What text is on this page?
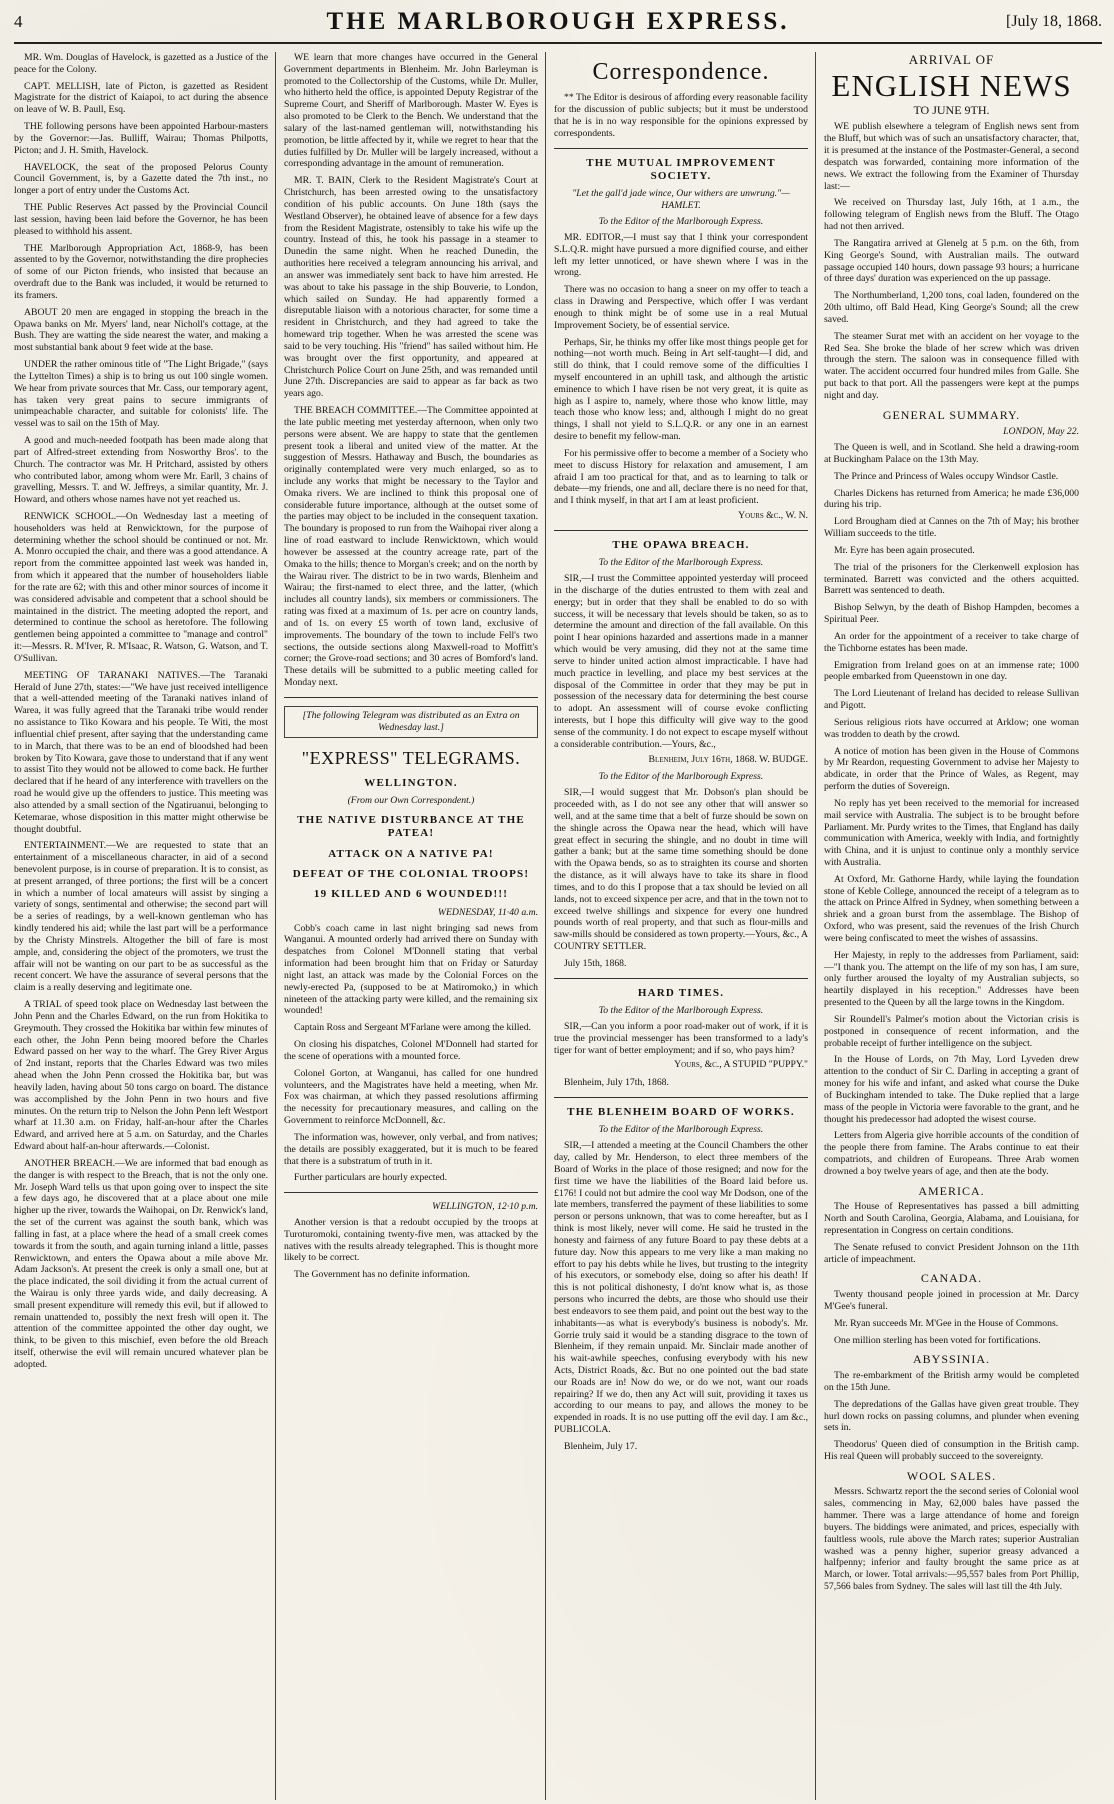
4	THE MARLBOROUGH EXPRESS.	[July 18, 1868.

MR. Wm. Douglas of Havelock, is gazetted as a Justice of the peace for the Colony.

CAPT. MELLISH, late of Picton, is gazetted as Resident Magistrate for the district of Kaiapoi, to act during the absence on leave of W. B. Paull, Esq.

THE following persons have been appointed Harbour-masters by the Governor:—Jas. Bulliff, Wairau; Thomas Philpotts, Picton; and J. H. Smith, Havelock.

HAVELOCK, the seat of the proposed Pelorus County Council Government, is, by a Gazette dated the 7th inst., no longer a port of entry under the Customs Act.

THE Public Reserves Act passed by the Provincial Council last session, having been laid before the Governor, he has been pleased to withhold his assent.

THE Marlborough Appropriation Act, 1868-9, has been assented to by the Governor, notwithstanding the dire prophecies of some of our Picton friends, who insisted that because an overdraft due to the Bank was included, it would be returned to its framers.

ABOUT 20 men are engaged in stopping the breach in the Opawa banks on Mr. Myers' land, near Nicholl's cottage, at the Bush. They are watting the side nearest the water, and making a most substantial bank about 9 feet wide at the base.

UNDER the rather ominous title of "The Light Brigade," (says the Lyttelton Times) a ship is to bring us out 100 single women. We hear from private sources that Mr. Cass, our temporary agent, has taken very great pains to secure immigrants of unimpeachable character, and suitable for colonists' life. The vessel was to sail on the 15th of May.

A good and much-needed footpath has been made along that part of Alfred-street extending from Nosworthy Bros'. to the Church. The contractor was Mr. H Pritchard, assisted by others who contributed labor, among whom were Mr. Earll, 3 chains of gravelling, Messrs. T. and W. Jeffreys, a similar quantity, Mr. J. Howard, and others whose names have not yet reached us.

RENWICK SCHOOL.—On Wednesday last a meeting of householders was held at Renwicktown, for the purpose of determining whether the school should be continued or not. Mr. A. Monro occupied the chair, and there was a good attendance. A report from the committee appointed last week was handed in, from which it appeared that the number of householders liable for the rate are 62; with this and other minor sources of income it was considered advisable and competent that a school should be maintained in the district. The meeting adopted the report, and determined to continue the school as heretofore. The following gentlemen being appointed a committee to "manage and control" it:—Messrs. R. M'Iver, R. M'Isaac, R. Watson, G. Watson, and T. O'Sullivan.

MEETING OF TARANAKI NATIVES.—The Taranaki Herald of June 27th, states:—"We have just received intelligence that a well-attended meeting of the Taranaki natives inland of Warea, it was fully agreed that the Taranaki tribe would render no assistance to Tiko Kowara and his people. Te Witi, the most influential chief present, after saying that the understanding came to in March, that there was to be an end of bloodshed had been broken by Tito Kowara, gave those to understand that if any went to assist Tito they would not be allowed to come back. He further declared that if he heard of any interference with travellers on the road he would give up the offenders to justice. This meeting was also attended by a small section of the Ngatiruanui, belonging to Ketemarae, whose disposition in this matter might otherwise be thought doubtful.

ENTERTAINMENT.—We are requested to state that an entertainment of a miscellaneous character, in aid of a second benevolent purpose, is in course of preparation. It is to consist, as at present arranged, of three portions; the first will be a concert in which a number of local amateurs will assist by singing a variety of songs, sentimental and otherwise; the second part will be a series of readings, by a well-known gentleman who has kindly tendered his aid; while the last part will be a performance by the Christy Minstrels. Altogether the bill of fare is most ample, and, considering the object of the promoters, we trust the affair will not be wanting on our part to be as successful as the recent concert. We have the assurance of several persons that the claim is a really deserving and legitimate one.

A TRIAL of speed took place on Wednesday last between the John Penn and the Charles Edward, on the run from Hokitika to Greymouth. They crossed the Hokitika bar within few minutes of each other, the John Penn being moored before the Charles Edward passed on her way to the wharf. The Grey River Argus of 2nd instant, reports that the Charles Edward was two miles ahead when the John Penn crossed the Hokitika bar, but was heavily laden, having about 50 tons cargo on board. The distance was accomplished by the John Penn in two hours and five minutes. On the return trip to Nelson the John Penn left Westport wharf at 11.30 a.m. on Friday, half-an-hour after the Charles Edward, and arrived here at 5 a.m. on Saturday, and the Charles Edward about half-an-hour afterwards.—Colonist.

ANOTHER BREACH.—We are informed that bad enough as the danger is with respect to the Breach, that is not the only one. Mr. Joseph Ward tells us that upon going over to inspect the site a few days ago, he discovered that at a place about one mile higher up the river, towards the Waihopai, on Dr. Renwick's land, the set of the current was against the south bank, which was falling in fast, at a place where the head of a small creek comes towards it from the south, and again turning inland a little, passes Renwicktown, and enters the Opawa about a mile above Mr. Adam Jackson's. At present the creek is only a small one, but at the place indicated, the soil dividing it from the actual current of the Wairau is only three yards wide, and daily decreasing. A small present expenditure will remedy this evil, but if allowed to remain unattended to, possibly the next fresh will open it. The attention of the committee appointed the other day ought, we think, to be given to this mischief, even before the old Breach itself, otherwise the evil will remain uncured whatever plan be adopted.

WE learn that more changes have occurred in the General Government departments in Blenheim. Mr. John Barleyman is promoted to the Collectorship of the Customs, while Dr. Muller, who hitherto held the office, is appointed Deputy Registrar of the Supreme Court, and Sheriff of Marlborough. Master W. Eyes is also promoted to be Clerk to the Bench. We understand that the salary of the last-named gentleman will, notwithstanding his promotion, be little affected by it, while we regret to hear that the duties fulfilled by Dr. Muller will be largely increased, without a corresponding advantage in the amount of remuneration.

MR. T. BAIN, Clerk to the Resident Magistrate's Court at Christchurch, has been arrested owing to the unsatisfactory condition of his public accounts. On June 18th (says the Westland Observer), he obtained leave of absence for a few days from the Resident Magistrate, ostensibly to take his wife up the country. Instead of this, he took his passage in a steamer to Dunedin the same night. When he reached Dunedin, the authorities here received a telegram announcing his arrival, and an answer was immediately sent back to have him arrested. He was about to take his passage in the ship Bouverie, to London, which sailed on Sunday. He had apparently formed a disreputable liaison with a notorious character, for some time a resident in Christchurch, and they had agreed to take the homeward trip together. When he was arrested the scene was said to be very touching. His "friend" has sailed without him. He was brought over the first opportunity, and appeared at Christchurch Police Court on June 25th, and was remanded until June 27th. Discrepancies are said to appear as far back as two years ago.

THE BREACH COMMITTEE.—The Committee appointed at the late public meeting met yesterday afternoon, when only two persons were absent. We are happy to state that the gentlemen present took a liberal and united view of the matter. At the suggestion of Messrs. Hathaway and Busch, the boundaries as originally contemplated were very much enlarged, so as to include any works that might be necessary to the Taylor and Omaka rivers. We are inclined to think this proposal one of considerable future importance, although at the outset some of the parties may object to be included in the consequent taxation. The boundary is proposed to run from the Waihopai river along a line of road eastward to include Renwicktown, which would however be assessed at the country acreage rate, part of the Omaka to the hills; thence to Morgan's creek; and on the north by the Wairau river. The district to be in two wards, Blenheim and Wairau; the first-named to elect three, and the latter, (which includes all country lands), six members or commissioners. The rating was fixed at a maximum of 1s. per acre on country lands, and of 1s. on every £5 worth of town land, exclusive of improvements. The boundary of the town to include Fell's two sections, the outside sections along Maxwell-road to Moffitt's corner; the Grove-road sections; and 30 acres of Bomford's land. These details will be submitted to a public meeting called for Monday next.

[The following Telegram was distributed as an Extra on Wednesday last.]
"EXPRESS" TELEGRAMS.
WELLINGTON.
(From our Own Correspondent.)
THE NATIVE DISTURBANCE AT THE PATEA!
ATTACK ON A NATIVE PA!
DEFEAT OF THE COLONIAL TROOPS!
19 KILLED AND 6 WOUNDED!!!
WEDNESDAY, 11·40 a.m.

Cobb's coach came in last night bringing sad news from Wanganui. A mounted orderly had arrived there on Sunday with despatches from Colonel M'Donnell stating that verbal information had been brought him that on Friday or Saturday night last, an attack was made by the Colonial Forces on the newly-erected Pa, (supposed to be at Matiromoko,) in which nineteen of the attacking party were killed, and the remaining six wounded!

Captain Ross and Sergeant M'Farlane were among the killed.

On closing his dispatches, Colonel M'Donnell had started for the scene of operations with a mounted force.

Colonel Gorton, at Wanganui, has called for one hundred volunteers, and the Magistrates have held a meeting, when Mr. Fox was chairman, at which they passed resolutions affirming the necessity for precautionary measures, and calling on the Government to reinforce McDonnell, &c.

The information was, however, only verbal, and from natives; the details are possibly exaggerated, but it is much to be feared that there is a substratum of truth in it.

Further particulars are hourly expected.

WELLINGTON, 12·10 p.m.

Another version is that a redoubt occupied by the troops at Turoturomoki, containing twenty-five men, was attacked by the natives with the results already telegraphed. This is thought more likely to be correct.

The Government has no definite information.

Correspondence.

** The Editor is desirous of affording every reasonable facility for the discussion of public subjects; but it must be understood that he is in no way responsible for the opinions expressed by correspondents.

THE MUTUAL IMPROVEMENT SOCIETY.
"Let the gall'd jade wince, Our withers are unwrung."—HAMLET.
To the Editor of the Marlborough Express.

MR. EDITOR,—I must say that I think your correspondent S.L.Q.R. might have pursued a more dignified course, and either left my letter unnoticed, or have shewn where I was in the wrong.

There was no occasion to hang a sneer on my offer to teach a class in Drawing and Perspective, which offer I was verdant enough to think might be of some use in a real Mutual Improvement Society, be of essential service.

Perhaps, Sir, he thinks my offer like most things people get for nothing—not worth much. Being in Art self-taught—I did, and still do think, that I could remove some of the difficulties I myself encountered in an uphill task, and although the artistic eminence to which I have risen be not very great, it is quite as high as I aspire to, namely, where those who know little, may teach those who know less; and, although I might do no great things, I shall not yield to S.L.Q.R. or any one in an earnest desire to benefit my fellow-man.

For his permissive offer to become a member of a Society who meet to discuss History for relaxation and amusement, I am afraid I am too practical for that, and as to learning to talk or debate—my friends, one and all, declare there is no need for that, and I think myself, in that art I am at least proficient.

Yours &c., W. N.
THE OPAWA BREACH.
To the Editor of the Marlborough Express.

SIR,—I trust the Committee appointed yesterday will proceed in the discharge of the duties entrusted to them with zeal and energy; but in order that they shall be enabled to do so with success, it will be necessary that levels should be taken, so as to determine the amount and direction of the fall available. On this point I hear opinions hazarded and assertions made in a manner which would be very amusing, did they not at the same time serve to hinder united action almost impracticable. I have had much practice in levelling, and place my best services at the disposal of the Committee in order that they may be put in possession of the necessary data for determining the best course to adopt. An assessment will of course evoke conflicting interests, but I hope this difficulty will give way to the good sense of the community. I do not expect to escape myself without a considerable contribution.—Yours, &c.,

Blenheim, July 16th, 1868. W. BUDGE.
To the Editor of the Marlborough Express.

SIR,—I would suggest that Mr. Dobson's plan should be proceeded with, as I do not see any other that will answer so well, and at the same time that a belt of furze should be sown on the shingle across the Opawa near the head, which will have great effect in securing the shingle, and no doubt in time will gather a bank; but at the same time something should be done with the Opawa bends, so as to straighten its course and shorten the distance, as it will always have to take its share in flood times, and to do this I propose that a tax should be levied on all lands, not to exceed sixpence per acre, and that in the town not to exceed twelve shillings and sixpence for every one hundred pounds worth of real property, and that such as flour-mills and saw-mills should be considered as town property.—Yours, &c., A COUNTRY SETTLER.

July 15th, 1868.

HARD TIMES.
To the Editor of the Marlborough Express.

SIR,—Can you inform a poor road-maker out of work, if it is true the provincial messenger has been transformed to a lady's tiger for want of better employment; and if so, who pays him?

Yours, &c., A STUPID "PUPPY."

Blenheim, July 17th, 1868.

THE BLENHEIM BOARD OF WORKS.
To the Editor of the Marlborough Express.

SIR,—I attended a meeting at the Council Chambers the other day, called by Mr. Henderson, to elect three members of the Board of Works in the place of those resigned; and now for the first time we have the liabilities of the Board laid before us. £176! I could not but admire the cool way Mr Dodson, one of the late members, transferred the payment of these liabilities to some person or persons unknown, that was to come hereafter, but as I think is most likely, never will come. He said he trusted in the honesty and fairness of any future Board to pay these debts at a future day. Now this appears to me very like a man making no effort to pay his debts while he lives, but trusting to the integrity of his executors, or somebody else, doing so after his death! If this is not political dishonesty, I do'nt know what is, as those persons who incurred the debts, are those who should use their best endeavors to see them paid, and point out the best way to the inhabitants—as what is everybody's business is nobody's. Mr. Gorrie truly said it would be a standing disgrace to the town of Blenheim, if they remain unpaid. Mr. Sinclair made another of his wait-awhile speeches, confusing everybody with his new Acts, District Roads, &c. But no one pointed out the bad state our Roads are in! Now do we, or do we not, want our roads repairing? If we do, then any Act will suit, providing it taxes us according to our means to pay, and allows the money to be expended in roads. It is no use putting off the evil day. I am &c., PUBLICOLA.

Blenheim, July 17.

ARRIVAL OF
ENGLISH NEWS
TO JUNE 9TH.

WE publish elsewhere a telegram of English news sent from the Bluff, but which was of such an unsatisfactory character, that, it is presumed at the instance of the Postmaster-General, a second despatch was forwarded, containing more information of the news. We extract the following from the Examiner of Thursday last:—

We received on Thursday last, July 16th, at 1 a.m., the following telegram of English news from the Bluff. The Otago had not then arrived.

The Rangatira arrived at Glenelg at 5 p.m. on the 6th, from King George's Sound, with Australian mails. The outward passage occupied 140 hours, down passage 93 hours; a hurricane of three days' duration was experienced on the up passage.

The Northumberland, 1,200 tons, coal laden, foundered on the 20th ultimo, off Bald Head, King George's Sound; all the crew saved.

The steamer Surat met with an accident on her voyage to the Red Sea. She broke the blade of her screw which was driven through the stern. The saloon was in consequence filled with water. The accident occurred four hundred miles from Galle. She put back to that port. All the passengers were kept at the pumps night and day.

GENERAL SUMMARY.
LONDON, May 22.

The Queen is well, and in Scotland. She held a drawing-room at Buckingham Palace on the 13th May.

The Prince and Princess of Wales occupy Windsor Castle.

Charles Dickens has returned from America; he made £36,000 during his trip.

Lord Brougham died at Cannes on the 7th of May; his brother William succeeds to the title.

Mr. Eyre has been again prosecuted.

The trial of the prisoners for the Clerkenwell explosion has terminated. Barrett was convicted and the others acquitted. Barrett was sentenced to death.

Bishop Selwyn, by the death of Bishop Hampden, becomes a Spiritual Peer.

An order for the appointment of a receiver to take charge of the Tichborne estates has been made.

Emigration from Ireland goes on at an immense rate; 1000 people embarked from Queenstown in one day.

The Lord Lieutenant of Ireland has decided to release Sullivan and Pigott.

Serious religious riots have occurred at Arklow; one woman was trodden to death by the crowd.

A notice of motion has been given in the House of Commons by Mr Reardon, requesting Government to advise her Majesty to abdicate, in order that the Prince of Wales, as Regent, may perform the duties of Sovereign.

No reply has yet been received to the memorial for increased mail service with Australia. The subject is to be brought before Parliament. Mr. Purdy writes to the Times, that England has daily communication with America, weekly with India, and fortnightly with China, and it is unjust to continue only a monthly service with Australia.

At Oxford, Mr. Gathorne Hardy, while laying the foundation stone of Keble College, announced the receipt of a telegram as to the attack on Prince Alfred in Sydney, when something between a shriek and a groan burst from the assemblage. The Bishop of Oxford, who was present, said the revenues of the Irish Church were being confiscated to meet the wishes of assassins.

Her Majesty, in reply to the addresses from Parliament, said:—"I thank you. The attempt on the life of my son has, I am sure, only further aroused the loyalty of my Australian subjects, so heartily displayed in his reception." Addresses have been presented to the Queen by all the large towns in the Kingdom.

Sir Roundell's Palmer's motion about the Victorian crisis is postponed in consequence of recent information, and the probable receipt of further intelligence on the subject.

In the House of Lords, on 7th May, Lord Lyveden drew attention to the conduct of Sir C. Darling in accepting a grant of money for his wife and infant, and asked what course the Duke of Buckingham intended to take. The Duke replied that a large mass of the people in Victoria were favorable to the grant, and he thought his predecessor had adopted the wisest course.

Letters from Algeria give horrible accounts of the condition of the people there from famine. The Arabs continue to eat their compatriots, and children of Europeans. Three Arab women drowned a boy twelve years of age, and then ate the body.

AMERICA.

The House of Representatives has passed a bill admitting North and South Carolina, Georgia, Alabama, and Louisiana, for representation in Congress on certain conditions.

The Senate refused to convict President Johnson on the 11th article of impeachment.

CANADA.

Twenty thousand people joined in procession at Mr. Darcy M'Gee's funeral.

Mr. Ryan succeeds Mr. M'Gee in the House of Commons.

One million sterling has been voted for fortifications.

ABYSSINIA.

The re-embarkment of the British army would be completed on the 15th June.

The depredations of the Gallas have given great trouble. They hurl down rocks on passing columns, and plunder when evening sets in.

Theodorus' Queen died of consumption in the British camp. His real Queen will probably succeed to the sovereignty.

WOOL SALES.

Messrs. Schwartz report the the second series of Colonial wool sales, commencing in May, 62,000 bales have passed the hammer. There was a large attendance of home and foreign buyers. The biddings were animated, and prices, especially with faultless wools, rule above the March rates; superior Australian washed was a penny higher, superior greasy advanced a halfpenny; inferior and faulty brought the same price as at March, or lower. Total arrivals:—95,557 bales from Port Phillip, 57,566 bales from Sydney. The sales will last till the 4th July.
